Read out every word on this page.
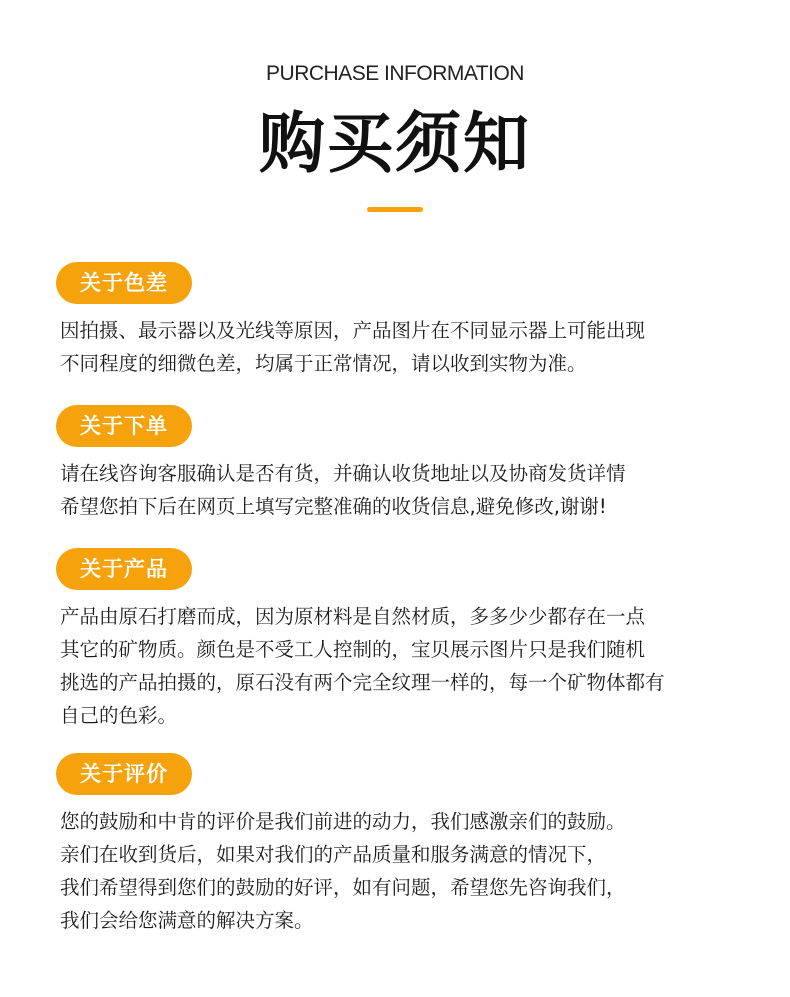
PURCHASE INFORMATION
购买须知
关于色差
因拍摄、最示器以及光线等原因，产品图片在不同显示器上可能出现
不同程度的细微色差，均属于正常情况，请以收到实物为准。
关于下单
请在线咨询客服确认是否有货，并确认收货地址以及协商发货详情
希望您拍下后在网页上填写完整准确的收货信息,避免修改,谢谢!
关于产品
产品由原石打磨而成，因为原材料是自然材质，多多少少都存在一点
其它的矿物质。颜色是不受工人控制的，宝贝展示图片只是我们随机
挑选的产品拍摄的，原石没有两个完全纹理一样的，每一个矿物体都有
自己的色彩。
关于评价
您的鼓励和中肯的评价是我们前进的动力，我们感激亲们的鼓励。
亲们在收到货后，如果对我们的产品质量和服务满意的情况下，
我们希望得到您们的鼓励的好评，如有问题，希望您先咨询我们，
我们会给您满意的解决方案。
